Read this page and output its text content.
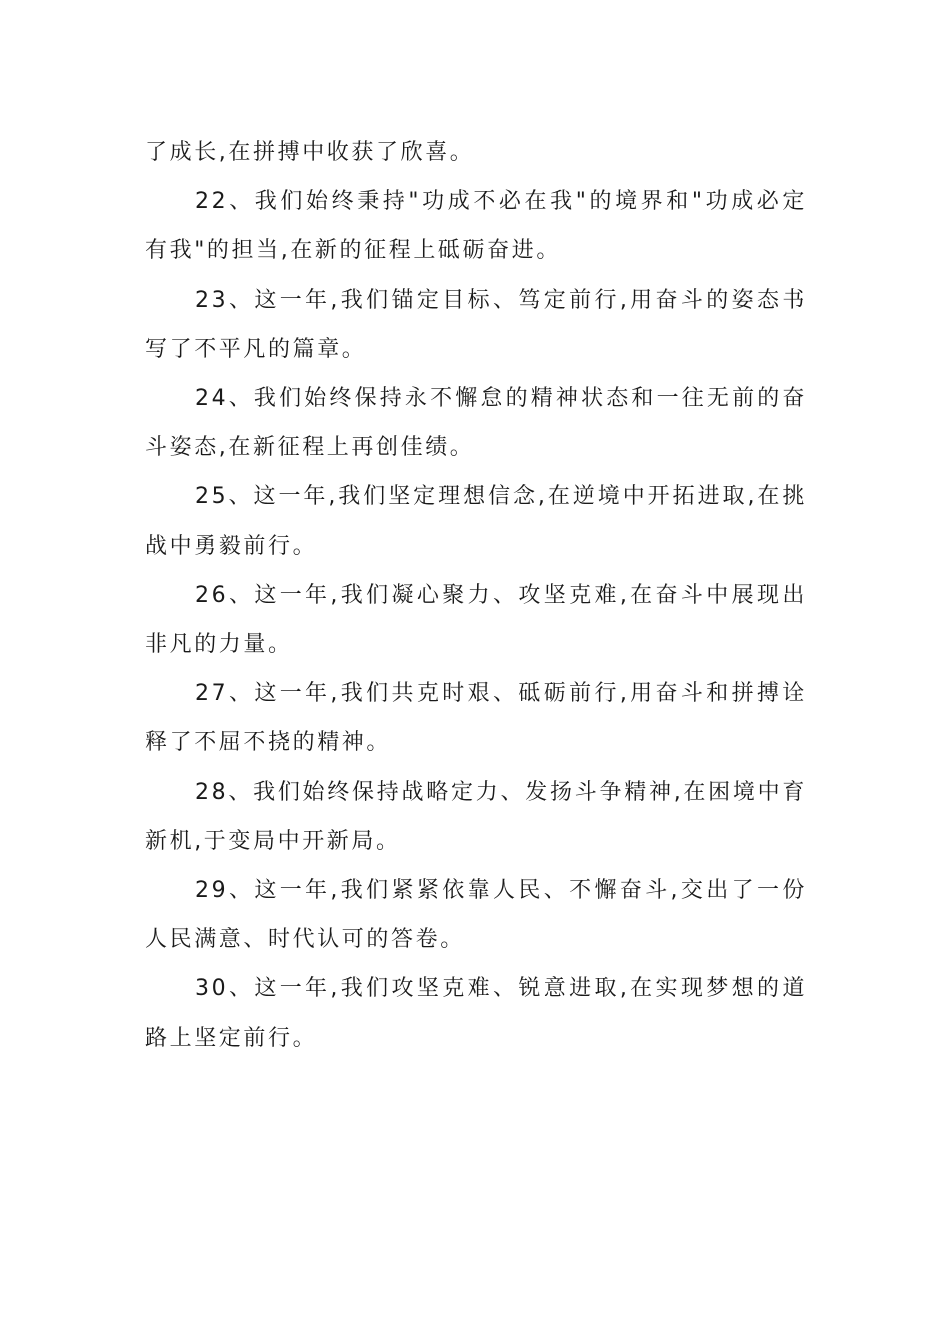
了成长,在拼搏中收获了欣喜。

22、我们始终秉持"功成不必在我"的境界和"功成必定有我"的担当,在新的征程上砥砺奋进。

23、这一年,我们锚定目标、笃定前行,用奋斗的姿态书写了不平凡的篇章。

24、我们始终保持永不懈怠的精神状态和一往无前的奋斗姿态,在新征程上再创佳绩。

25、这一年,我们坚定理想信念,在逆境中开拓进取,在挑战中勇毅前行。

26、这一年,我们凝心聚力、攻坚克难,在奋斗中展现出非凡的力量。

27、这一年,我们共克时艰、砥砺前行,用奋斗和拼搏诠释了不屈不挠的精神。

28、我们始终保持战略定力、发扬斗争精神,在困境中育新机,于变局中开新局。

29、这一年,我们紧紧依靠人民、不懈奋斗,交出了一份人民满意、时代认可的答卷。

30、这一年,我们攻坚克难、锐意进取,在实现梦想的道路上坚定前行。
